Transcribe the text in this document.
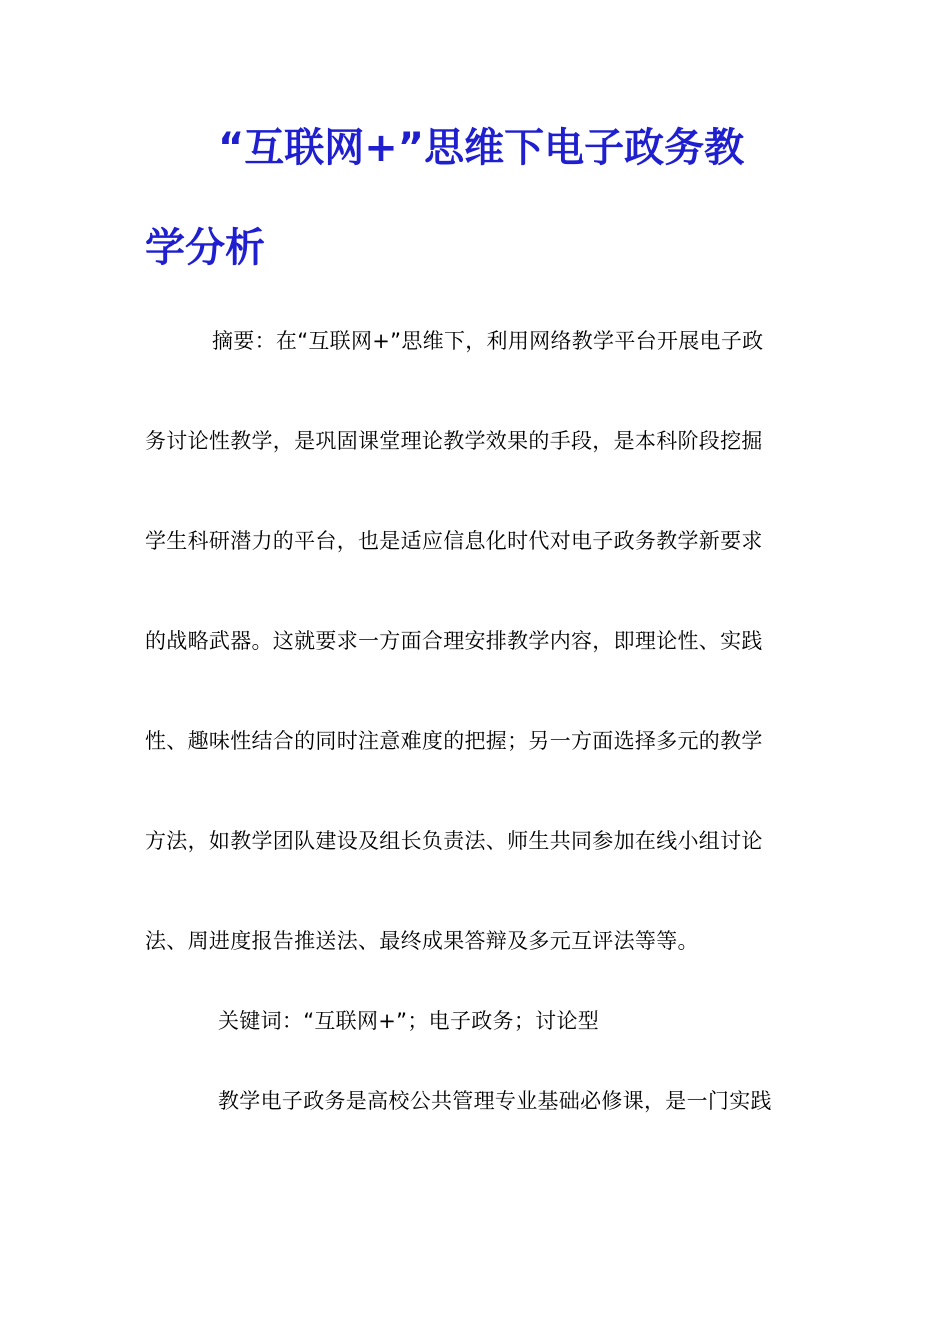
“互联网+”思维下电子政务教
学分析
摘要：在“互联网+”思维下，利用网络教学平台开展电子政
务讨论性教学，是巩固课堂理论教学效果的手段，是本科阶段挖掘
学生科研潜力的平台，也是适应信息化时代对电子政务教学新要求
的战略武器。这就要求一方面合理安排教学内容，即理论性、实践
性、趣味性结合的同时注意难度的把握；另一方面选择多元的教学
方法，如教学团队建设及组长负责法、师生共同参加在线小组讨论
法、周进度报告推送法、最终成果答辩及多元互评法等等。
关键词：“互联网+”；电子政务；讨论型
教学电子政务是高校公共管理专业基础必修课，是一门实践
